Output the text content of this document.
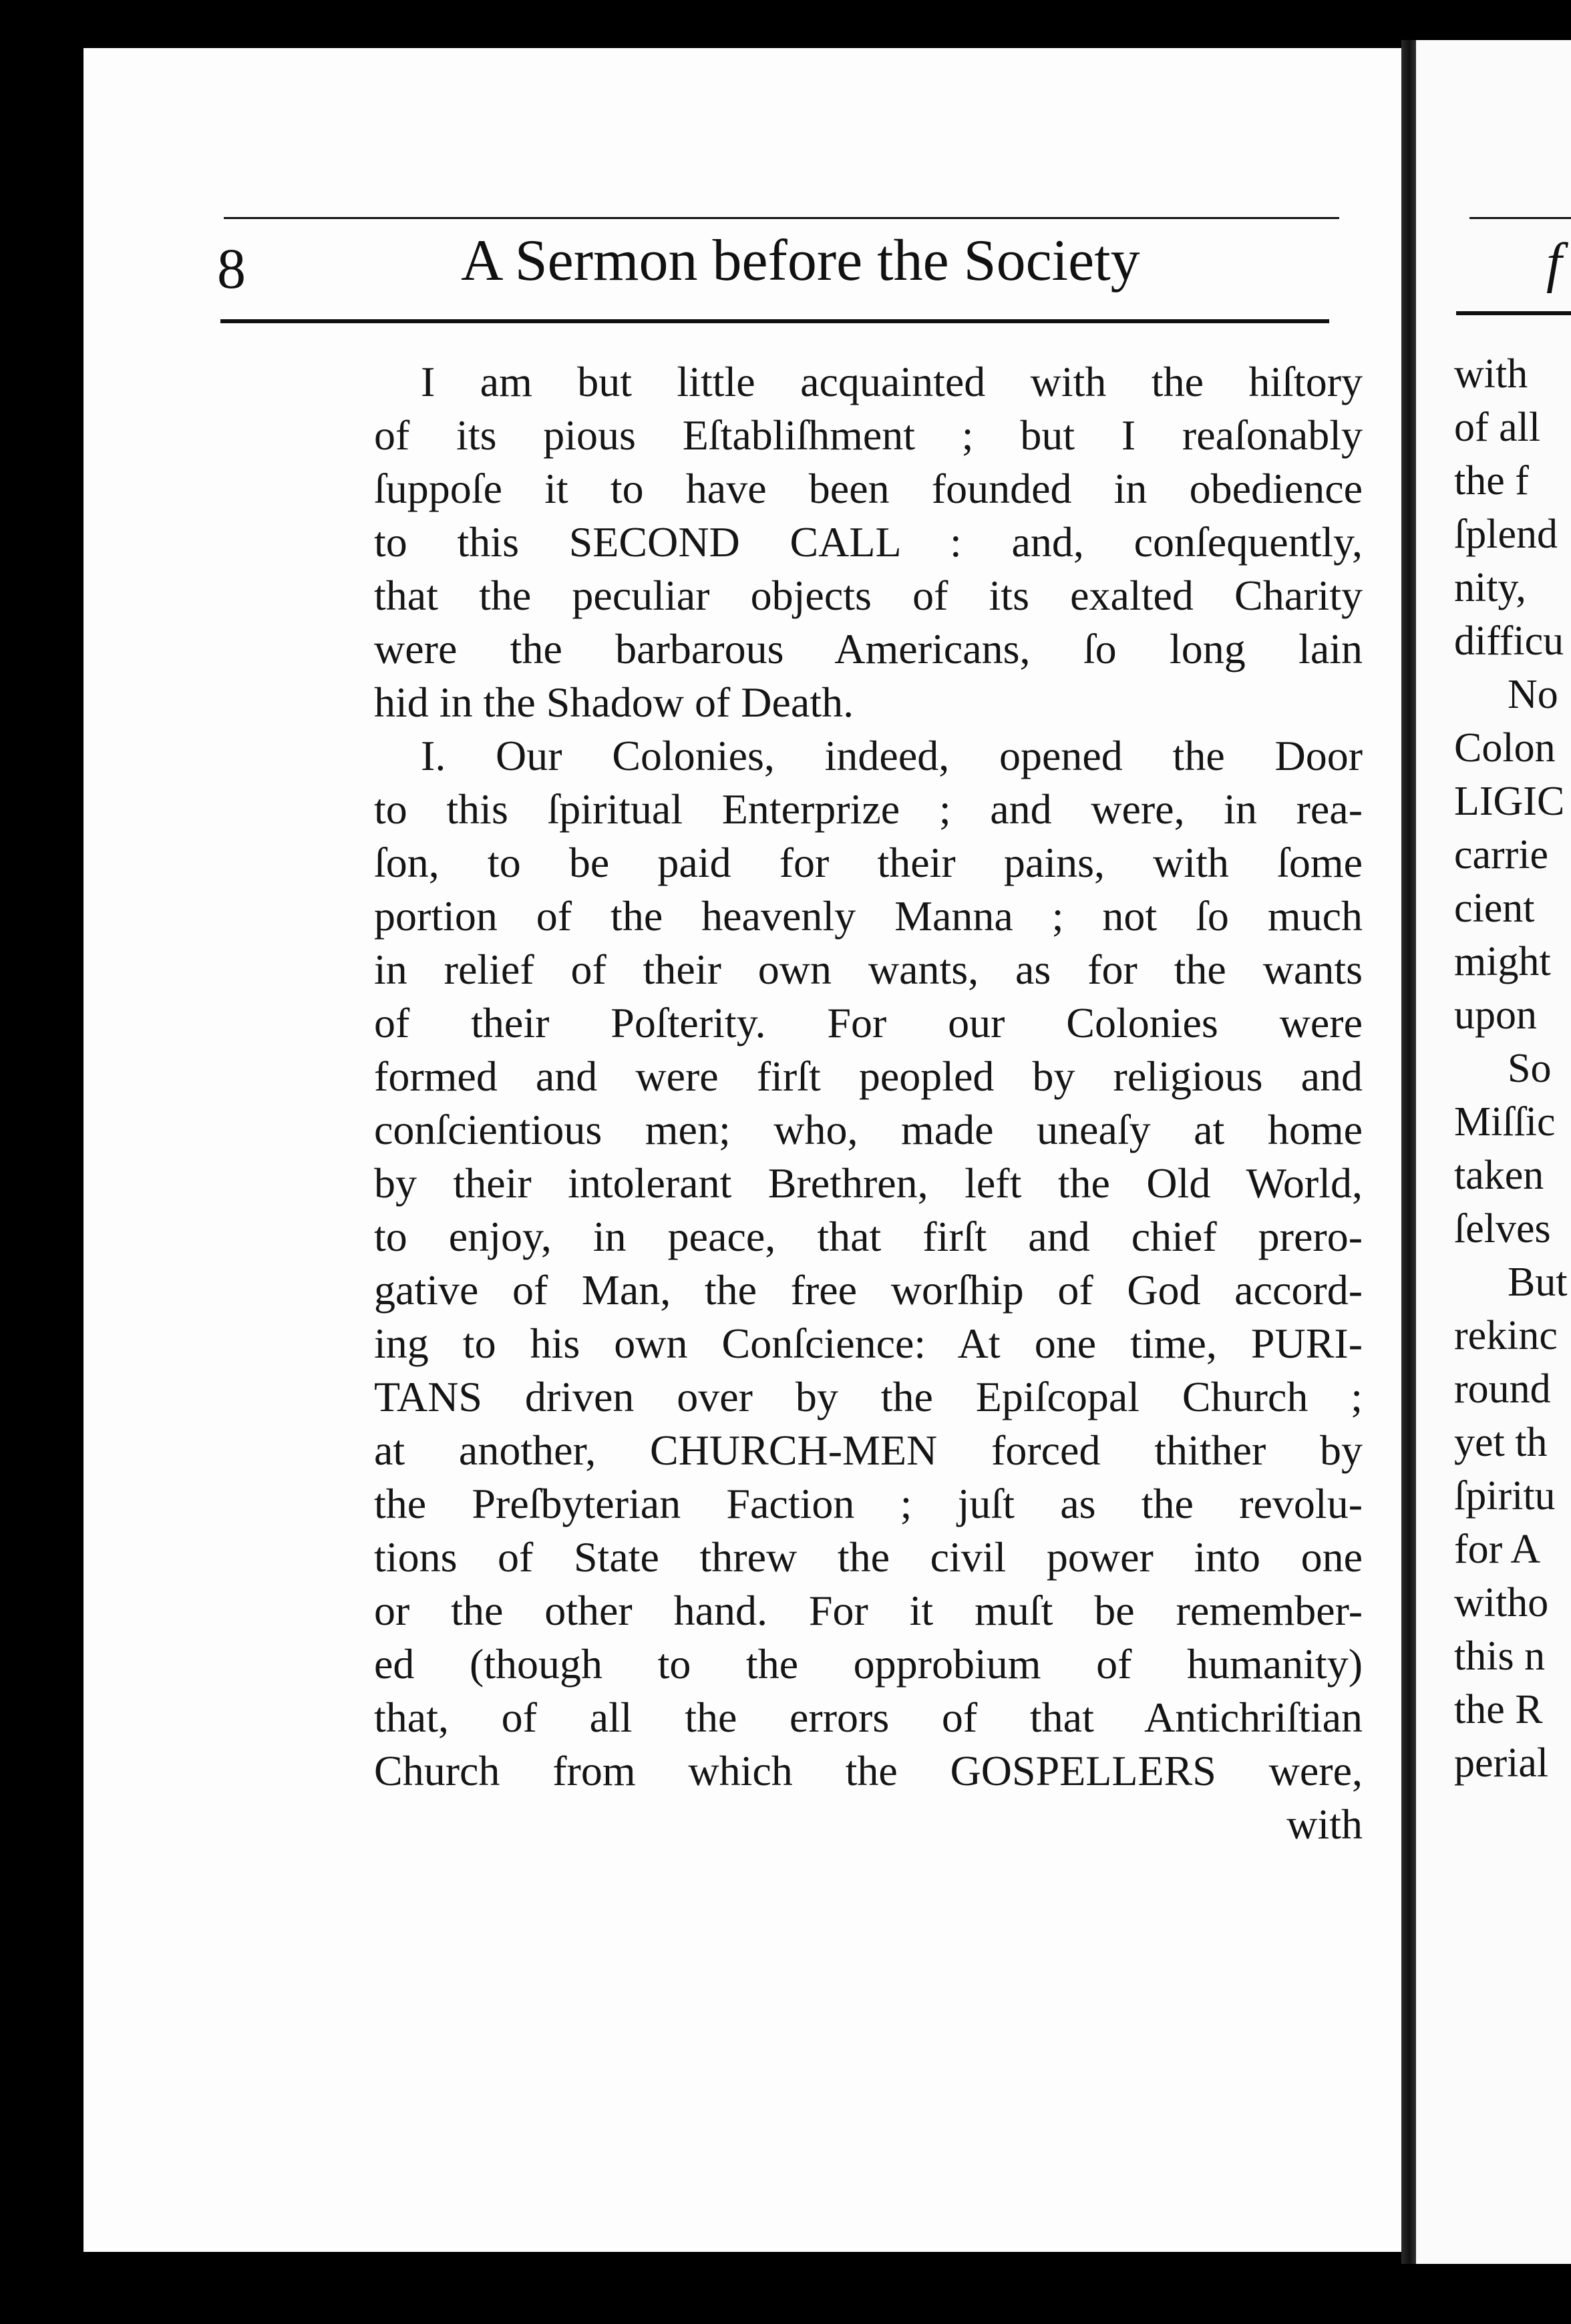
8	A Sermon before the Society	f
I am but little acquainted with the hiſtory
of its pious Eſtabliſhment ; but I reaſonably
ſuppoſe it to have been founded in obedience
to this SECOND CALL : and, conſequently,
that the peculiar objects of its exalted Charity
were the barbarous Americans, ſo long lain
hid in the Shadow of Death.
I. Our Colonies, indeed, opened the Door
to this ſpiritual Enterprize ; and were, in rea-
ſon, to be paid for their pains, with ſome
portion of the heavenly Manna ; not ſo much
in relief of their own wants, as for the wants
of their Poſterity. For our Colonies were
formed and were firſt peopled by religious and
conſcientious men; who, made uneaſy at home
by their intolerant Brethren, left the Old World,
to enjoy, in peace, that firſt and chief prero-
gative of Man, the free worſhip of God accord-
ing to his own Conſcience: At one time, PURI-
TANS driven over by the Epiſcopal Church ;
at another, CHURCH-MEN forced thither by
the Preſbyterian Faction ; juſt as the revolu-
tions of State threw the civil power into one
or the other hand. For it muſt be remember-
ed (though to the opprobium of humanity)
that, of all the errors of that Antichriſtian
Church from which the GOSPELLERS were,
with
with
of all
the f
ſplend
nity,
difficu
No
Colon
LIGIC
carrie
cient
might
upon
So
Miſſic
taken
ſelves
But
rekinc
round
yet th
ſpiritu
for A
witho
this n
the R
perial
